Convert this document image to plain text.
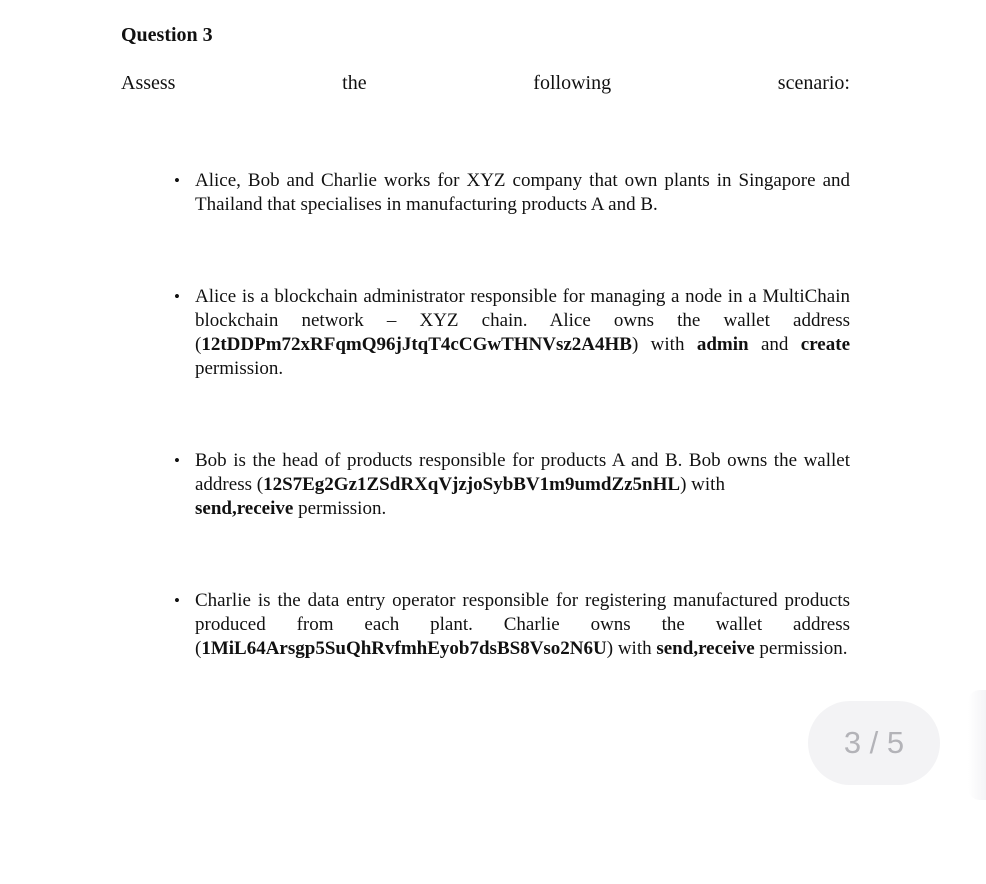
Question 3

Assess	the	following	scenario:

• Alice, Bob and Charlie works for XYZ company that own plants in Singapore and Thailand that specialises in manufacturing products A and B.
• Alice is a blockchain administrator responsible for managing a node in a MultiChain blockchain network – XYZ chain. Alice owns the wallet address (12tDDPm72xRFqmQ96jJtqT4cCGwTHNVsz2A4HB) with admin and create permission.
• Bob is the head of products responsible for products A and B. Bob owns the wallet address (12S7Eg2Gz1ZSdRXqVjzjoSybBV1m9umdZz5nHL) with
send,receive permission.
• Charlie is the data entry operator responsible for registering manufactured products produced from each plant. Charlie owns the wallet address (1MiL64Arsgp5SuQhRvfmhEyob7dsBS8Vso2N6U) with send,receive permission.
3 / 5
